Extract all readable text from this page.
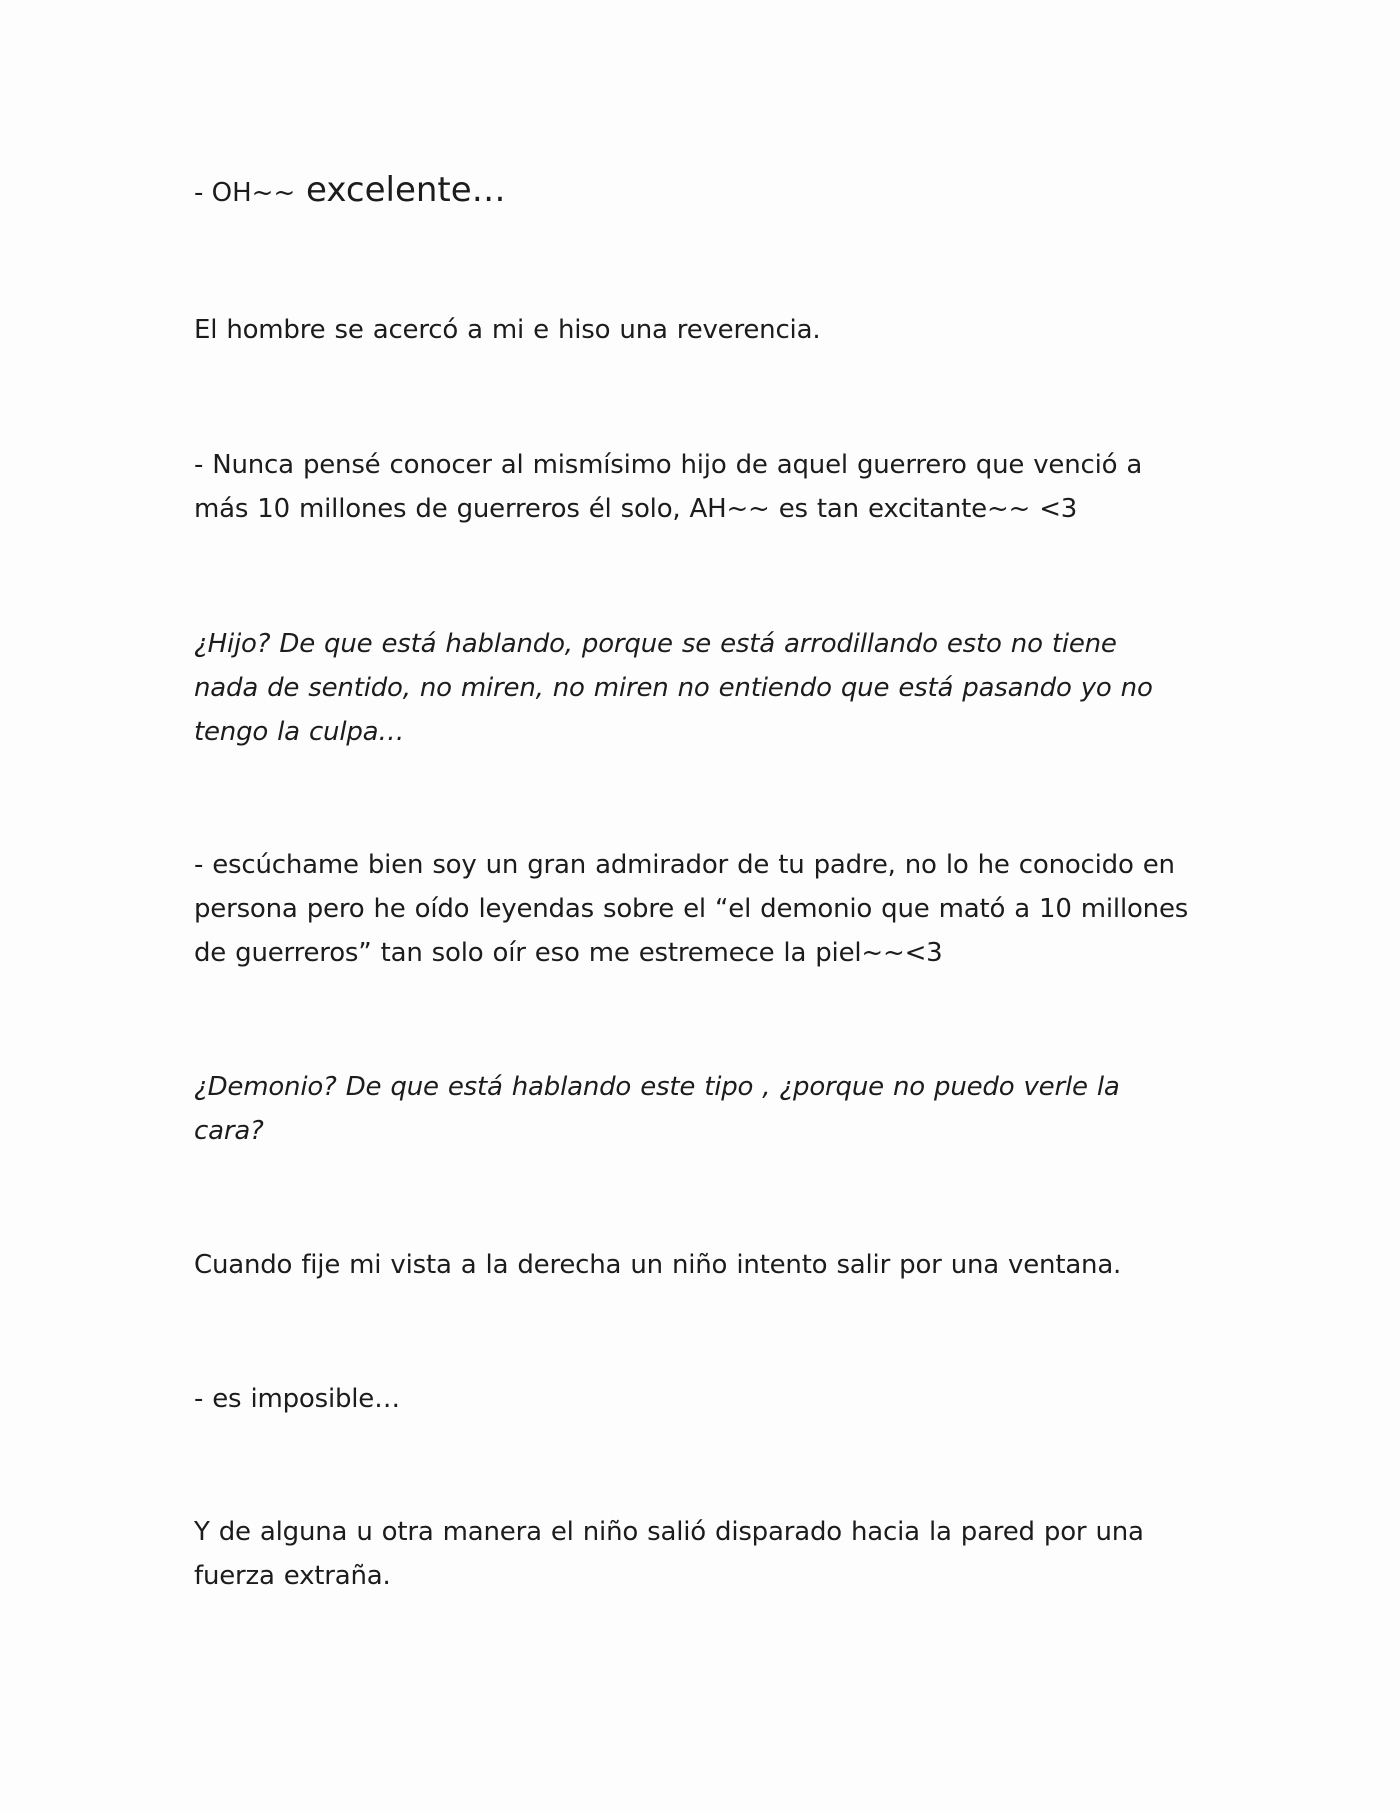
- OH~~ excelente…
El hombre se acercó a mi e hiso una reverencia.
- Nunca pensé conocer al mismísimo hijo de aquel guerrero que venció a
más 10 millones de guerreros él solo, AH~~ es tan excitante~~ <3
¿Hijo? De que está hablando, porque se está arrodillando esto no tiene
nada de sentido, no miren, no miren no entiendo que está pasando yo no
tengo la culpa…
- escúchame bien soy un gran admirador de tu padre, no lo he conocido en
persona pero he oído leyendas sobre el “el demonio que mató a 10 millones
de guerreros” tan solo oír eso me estremece la piel~~<3
¿Demonio? De que está hablando este tipo , ¿porque no puedo verle la
cara?
Cuando fije mi vista a la derecha un niño intento salir por una ventana.
- es imposible…
Y de alguna u otra manera el niño salió disparado hacia la pared por una
fuerza extraña.
